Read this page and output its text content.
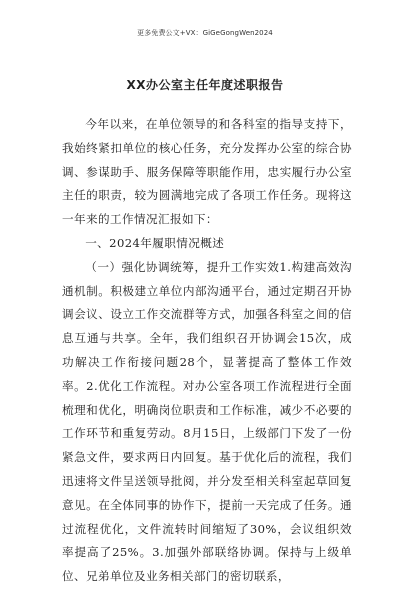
更多免费公文+VX：GiGeGongWen2024
XX办公室主任年度述职报告

今年以来，在单位领导的和各科室的指导支持下，我始终紧扣单位的核心任务，充分发挥办公室的综合协调、参谋助手、服务保障等职能作用，忠实履行办公室主任的职责，较为圆满地完成了各项工作任务。现将这一年来的工作情况汇报如下：

一、2024年履职情况概述

（一）强化协调统筹，提升工作实效1.构建高效沟通机制。积极建立单位内部沟通平台，通过定期召开协调会议、设立工作交流群等方式，加强各科室之间的信息互通与共享。全年，我们组织召开协调会15次，成功解决工作衔接问题28个，显著提高了整体工作效率。2.优化工作流程。对办公室各项工作流程进行全面梳理和优化，明确岗位职责和工作标准，减少不必要的工作环节和重复劳动。8月15日，上级部门下发了一份紧急文件，要求两日内回复。基于优化后的流程，我们迅速将文件呈送领导批阅，并分发至相关科室起草回复意见。在全体同事的协作下，提前一天完成了任务。通过流程优化，文件流转时间缩短了30%，会议组织效率提高了25%。3.加强外部联络协调。保持与上级单位、兄弟单位及业务相关部门的密切联系，
